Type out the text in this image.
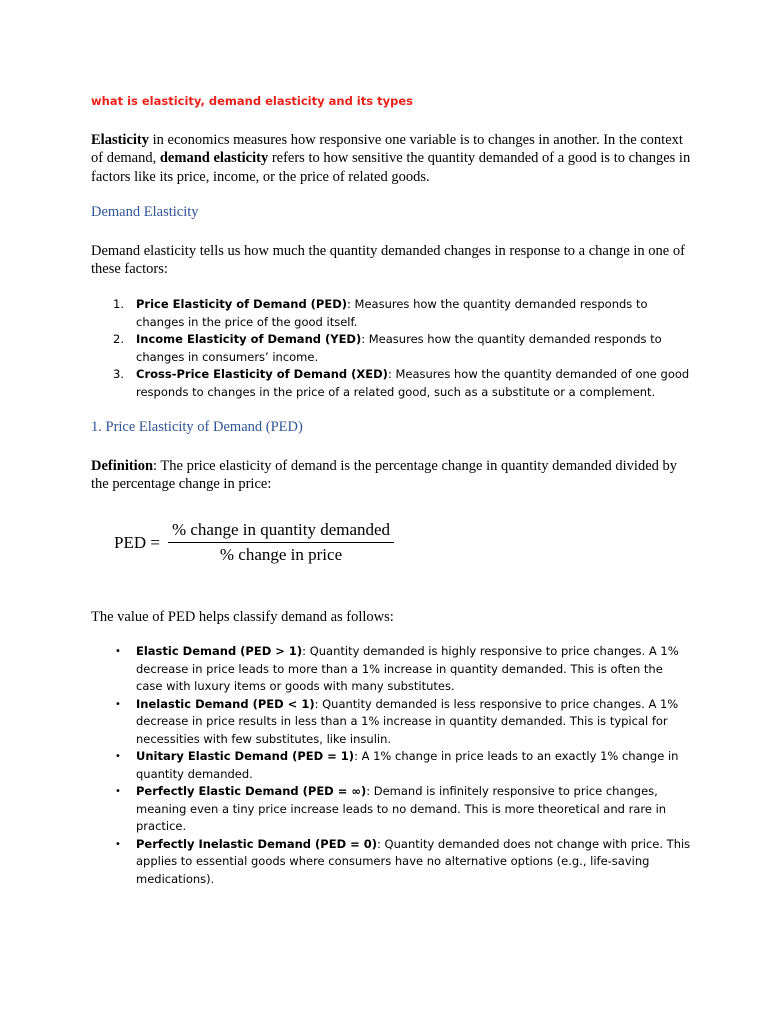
what is elasticity, demand elasticity and its types

Elasticity in economics measures how responsive one variable is to changes in another. In the context of demand, demand elasticity refers to how sensitive the quantity demanded of a good is to changes in factors like its price, income, or the price of related goods.

Demand Elasticity

Demand elasticity tells us how much the quantity demanded changes in response to a change in one of these factors:

1. Price Elasticity of Demand (PED): Measures how the quantity demanded responds to changes in the price of the good itself.
2. Income Elasticity of Demand (YED): Measures how the quantity demanded responds to changes in consumers’ income.
3. Cross-Price Elasticity of Demand (XED): Measures how the quantity demanded of one good responds to changes in the price of a related good, such as a substitute or a complement.
1. Price Elasticity of Demand (PED)

Definition: The price elasticity of demand is the percentage change in quantity demanded divided by the percentage change in price:

PED = $\frac{\text{\% change in quantity demanded}}{\text{\% change in price}}$

The value of PED helps classify demand as follows:

• Elastic Demand (PED > 1): Quantity demanded is highly responsive to price changes. A 1% decrease in price leads to more than a 1% increase in quantity demanded. This is often the case with luxury items or goods with many substitutes.
• Inelastic Demand (PED < 1): Quantity demanded is less responsive to price changes. A 1% decrease in price results in less than a 1% increase in quantity demanded. This is typical for necessities with few substitutes, like insulin.
• Unitary Elastic Demand (PED = 1): A 1% change in price leads to an exactly 1% change in quantity demanded.
• Perfectly Elastic Demand (PED = ∞): Demand is infinitely responsive to price changes, meaning even a tiny price increase leads to no demand. This is more theoretical and rare in practice.
• Perfectly Inelastic Demand (PED = 0): Quantity demanded does not change with price. This applies to essential goods where consumers have no alternative options (e.g., life-saving medications).
